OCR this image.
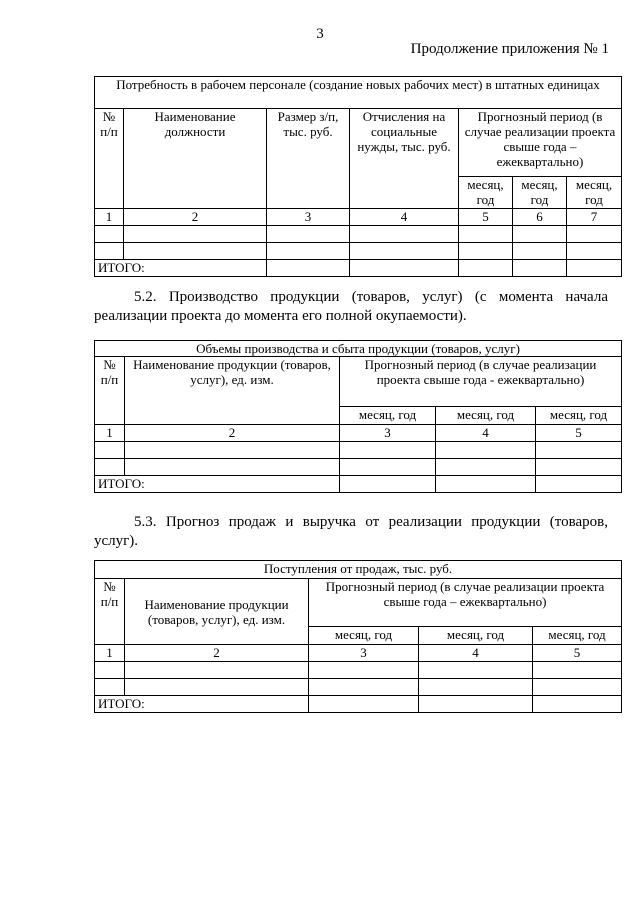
3
Продолжение приложения № 1
Потребность в рабочем персонале (создание новых рабочих мест) в штатных единицах						
№ п/п	Наименование должности	Размер з/п, тыс. руб.	Отчисления на социальные нужды, тыс. руб.	Прогнозный период (в случае реализации проекта свыше года – ежеквартально)		
				месяц, год	месяц, год	месяц, год
1	2	3	4	5	6	7

ИТОГО:						
5.2. Производство продукции (товаров, услуг) (с момента начала реализации проекта до момента его полной окупаемости).
Объемы производства и сбыта продукции (товаров, услуг)				
№ п/п	Наименование продукции (товаров, услуг), ед. изм.	Прогнозный период (в случае реализации проекта свыше года - ежеквартально)		
		месяц, год	месяц, год	месяц, год
1	2	3	4	5

ИТОГО:				
5.3. Прогноз продаж и выручка от реализации продукции (товаров, услуг).
Поступления от продаж, тыс. руб.				
№ п/п	Наименование продукции (товаров, услуг), ед. изм.	Прогнозный период (в случае реализации проекта свыше года – ежеквартально)		
		месяц, год	месяц, год	месяц, год
1	2	3	4	5

ИТОГО:				
